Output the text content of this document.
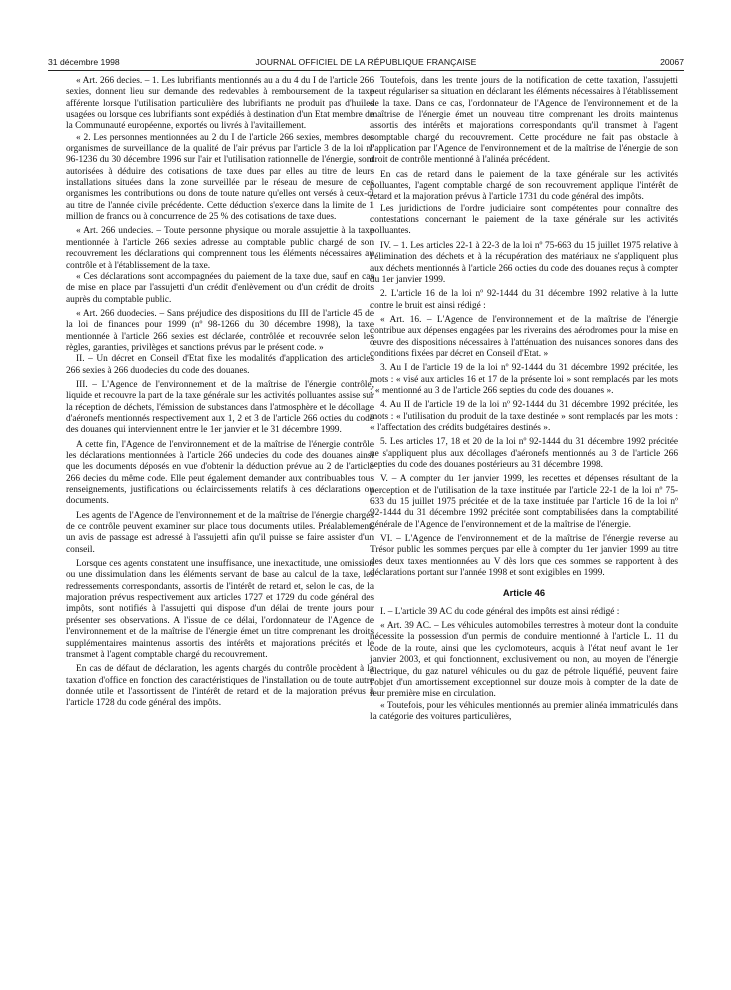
31 décembre 1998	JOURNAL OFFICIEL DE LA RÉPUBLIQUE FRANÇAISE	20067

« Art. 266 decies. – 1. Les lubrifiants mentionnés au a du 4 du I de l'article 266 sexies, donnent lieu sur demande des redevables à remboursement de la taxe afférente lorsque l'utilisation particulière des lubrifiants ne produit pas d'huiles usagées ou lorsque ces lubrifiants sont expédiés à destination d'un Etat membre de la Communauté européenne, exportés ou livrés à l'avitaillement.

« 2. Les personnes mentionnées au 2 du I de l'article 266 sexies, membres des organismes de surveillance de la qualité de l'air prévus par l'article 3 de la loi nº 96-1236 du 30 décembre 1996 sur l'air et l'utilisation rationnelle de l'énergie, sont autorisées à déduire des cotisations de taxe dues par elles au titre de leurs installations situées dans la zone surveillée par le réseau de mesure de ces organismes les contributions ou dons de toute nature qu'elles ont versés à ceux-ci au titre de l'année civile précédente. Cette déduction s'exerce dans la limite de 1 million de francs ou à concurrence de 25 % des cotisations de taxe dues.

« Art. 266 undecies. – Toute personne physique ou morale assujettie à la taxe mentionnée à l'article 266 sexies adresse au comptable public chargé de son recouvrement les déclarations qui comprennent tous les éléments nécessaires au contrôle et à l'établissement de la taxe.

« Ces déclarations sont accompagnées du paiement de la taxe due, sauf en cas de mise en place par l'assujetti d'un crédit d'enlèvement ou d'un crédit de droits auprès du comptable public.

« Art. 266 duodecies. – Sans préjudice des dispositions du III de l'article 45 de la loi de finances pour 1999 (nº 98-1266 du 30 décembre 1998), la taxe mentionnée à l'article 266 sexies est déclarée, contrôlée et recouvrée selon les règles, garanties, privilèges et sanctions prévus par le présent code. »

II. – Un décret en Conseil d'Etat fixe les modalités d'application des articles 266 sexies à 266 duodecies du code des douanes.

III. – L'Agence de l'environnement et de la maîtrise de l'énergie contrôle, liquide et recouvre la part de la taxe générale sur les activités polluantes assise sur la réception de déchets, l'émission de substances dans l'atmosphère et le décollage d'aéronefs mentionnés respectivement aux 1, 2 et 3 de l'article 266 octies du code des douanes qui interviennent entre le 1er janvier et le 31 décembre 1999.

A cette fin, l'Agence de l'environnement et de la maîtrise de l'énergie contrôle les déclarations mentionnées à l'article 266 undecies du code des douanes ainsi que les documents déposés en vue d'obtenir la déduction prévue au 2 de l'article 266 decies du même code. Elle peut également demander aux contribuables tous renseignements, justifications ou éclaircissements relatifs à ces déclarations ou documents.

Les agents de l'Agence de l'environnement et de la maîtrise de l'énergie chargés de ce contrôle peuvent examiner sur place tous documents utiles. Préalablement, un avis de passage est adressé à l'assujetti afin qu'il puisse se faire assister d'un conseil.

Lorsque ces agents constatent une insuffisance, une inexactitude, une omission ou une dissimulation dans les éléments servant de base au calcul de la taxe, les redressements correspondants, assortis de l'intérêt de retard et, selon le cas, de la majoration prévus respectivement aux articles 1727 et 1729 du code général des impôts, sont notifiés à l'assujetti qui dispose d'un délai de trente jours pour présenter ses observations. A l'issue de ce délai, l'ordonnateur de l'Agence de l'environnement et de la maîtrise de l'énergie émet un titre comprenant les droits supplémentaires maintenus assortis des intérêts et majorations précités et le transmet à l'agent comptable chargé du recouvrement.

En cas de défaut de déclaration, les agents chargés du contrôle procèdent à la taxation d'office en fonction des caractéristiques de l'installation ou de toute autre donnée utile et l'assortissent de l'intérêt de retard et de la majoration prévus à l'article 1728 du code général des impôts.

Toutefois, dans les trente jours de la notification de cette taxation, l'assujetti peut régulariser sa situation en déclarant les éléments nécessaires à l'établissement de la taxe. Dans ce cas, l'ordonnateur de l'Agence de l'environnement et de la maîtrise de l'énergie émet un nouveau titre comprenant les droits maintenus assortis des intérêts et majorations correspondants qu'il transmet à l'agent comptable chargé du recouvrement. Cette procédure ne fait pas obstacle à l'application par l'Agence de l'environnement et de la maîtrise de l'énergie de son droit de contrôle mentionné à l'alinéa précédent.

En cas de retard dans le paiement de la taxe générale sur les activités polluantes, l'agent comptable chargé de son recouvrement applique l'intérêt de retard et la majoration prévus à l'article 1731 du code général des impôts.

Les juridictions de l'ordre judiciaire sont compétentes pour connaître des contestations concernant le paiement de la taxe générale sur les activités polluantes.

IV. – 1. Les articles 22-1 à 22-3 de la loi nº 75-663 du 15 juillet 1975 relative à l'élimination des déchets et à la récupération des matériaux ne s'appliquent plus aux déchets mentionnés à l'article 266 octies du code des douanes reçus à compter du 1er janvier 1999.

2. L'article 16 de la loi nº 92-1444 du 31 décembre 1992 relative à la lutte contre le bruit est ainsi rédigé :

« Art. 16. – L'Agence de l'environnement et de la maîtrise de l'énergie contribue aux dépenses engagées par les riverains des aérodromes pour la mise en œuvre des dispositions nécessaires à l'atténuation des nuisances sonores dans des conditions fixées par décret en Conseil d'Etat. »

3. Au I de l'article 19 de la loi nº 92-1444 du 31 décembre 1992 précitée, les mots : « visé aux articles 16 et 17 de la présente loi » sont remplacés par les mots : « mentionné au 3 de l'article 266 septies du code des douanes ».

4. Au II de l'article 19 de la loi nº 92-1444 du 31 décembre 1992 précitée, les mots : « l'utilisation du produit de la taxe destinée » sont remplacés par les mots : « l'affectation des crédits budgétaires destinés ».

5. Les articles 17, 18 et 20 de la loi nº 92-1444 du 31 décembre 1992 précitée ne s'appliquent plus aux décollages d'aéronefs mentionnés au 3 de l'article 266 septies du code des douanes postérieurs au 31 décembre 1998.

V. – A compter du 1er janvier 1999, les recettes et dépenses résultant de la perception et de l'utilisation de la taxe instituée par l'article 22-1 de la loi nº 75-633 du 15 juillet 1975 précitée et de la taxe instituée par l'article 16 de la loi nº 92-1444 du 31 décembre 1992 précitée sont comptabilisées dans la comptabilité générale de l'Agence de l'environnement et de la maîtrise de l'énergie.

VI. – L'Agence de l'environnement et de la maîtrise de l'énergie reverse au Trésor public les sommes perçues par elle à compter du 1er janvier 1999 au titre des deux taxes mentionnées au V dès lors que ces sommes se rapportent à des déclarations portant sur l'année 1998 et sont exigibles en 1999.

Article 46

I. – L'article 39 AC du code général des impôts est ainsi rédigé :

« Art. 39 AC. – Les véhicules automobiles terrestres à moteur dont la conduite nécessite la possession d'un permis de conduire mentionné à l'article L. 11 du code de la route, ainsi que les cyclomoteurs, acquis à l'état neuf avant le 1er janvier 2003, et qui fonctionnent, exclusivement ou non, au moyen de l'énergie électrique, du gaz naturel véhicules ou du gaz de pétrole liquéfié, peuvent faire l'objet d'un amortissement exceptionnel sur douze mois à compter de la date de leur première mise en circulation.

« Toutefois, pour les véhicules mentionnés au premier alinéa immatriculés dans la catégorie des voitures particulières,
